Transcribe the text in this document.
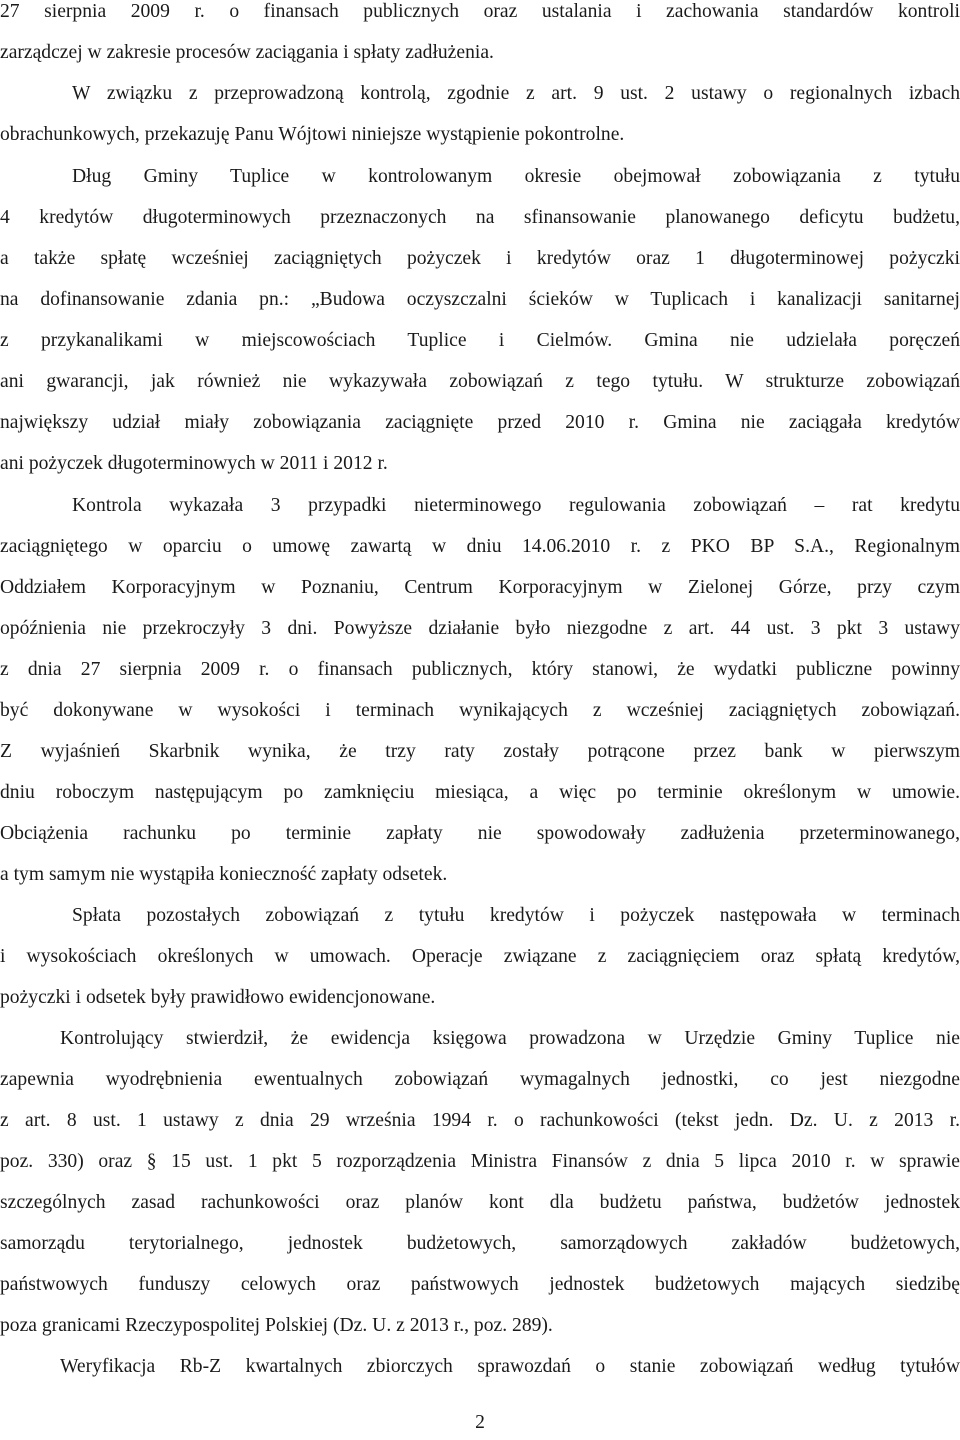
27 sierpnia 2009 r. o finansach publicznych oraz ustalania i zachowania standardów kontroli
zarządczej w zakresie procesów zaciągania i spłaty zadłużenia.
W związku z przeprowadzoną kontrolą, zgodnie z art. 9 ust. 2 ustawy o regionalnych izbach
obrachunkowych, przekazuję Panu Wójtowi niniejsze wystąpienie pokontrolne.
Dług Gminy Tuplice w kontrolowanym okresie obejmował zobowiązania z tytułu
4 kredytów długoterminowych przeznaczonych na sfinansowanie planowanego deficytu budżetu,
a także spłatę wcześniej zaciągniętych pożyczek i kredytów oraz 1 długoterminowej pożyczki
na dofinansowanie zdania pn.: „Budowa oczyszczalni ścieków w Tuplicach i kanalizacji sanitarnej
z przykanalikami w miejscowościach Tuplice i Cielmów. Gmina nie udzielała poręczeń
ani gwarancji, jak również nie wykazywała zobowiązań z tego tytułu. W strukturze zobowiązań
największy udział miały zobowiązania zaciągnięte przed 2010 r. Gmina nie zaciągała kredytów
ani pożyczek długoterminowych w 2011 i 2012 r.
Kontrola wykazała 3 przypadki nieterminowego regulowania zobowiązań – rat kredytu
zaciągniętego w oparciu o umowę zawartą w dniu 14.06.2010 r. z PKO BP S.A., Regionalnym
Oddziałem Korporacyjnym w Poznaniu, Centrum Korporacyjnym w Zielonej Górze, przy czym
opóźnienia nie przekroczyły 3 dni. Powyższe działanie było niezgodne z art. 44 ust. 3 pkt 3 ustawy
z dnia 27 sierpnia 2009 r. o finansach publicznych, który stanowi, że wydatki publiczne powinny
być dokonywane w wysokości i terminach wynikających z wcześniej zaciągniętych zobowiązań.
Z wyjaśnień Skarbnik wynika, że trzy raty zostały potrącone przez bank w pierwszym
dniu roboczym następującym po zamknięciu miesiąca, a więc po terminie określonym w umowie.
Obciążenia rachunku po terminie zapłaty nie spowodowały zadłużenia przeterminowanego,
a tym samym nie wystąpiła konieczność zapłaty odsetek.
Spłata pozostałych zobowiązań z tytułu kredytów i pożyczek następowała w terminach
i wysokościach określonych w umowach. Operacje związane z zaciągnięciem oraz spłatą kredytów,
pożyczki i odsetek były prawidłowo ewidencjonowane.
Kontrolujący stwierdził, że ewidencja księgowa prowadzona w Urzędzie Gminy Tuplice nie
zapewnia wyodrębnienia ewentualnych zobowiązań wymagalnych jednostki, co jest niezgodne
z art. 8 ust. 1 ustawy z dnia 29 września 1994 r. o rachunkowości (tekst jedn. Dz. U. z 2013 r.
poz. 330) oraz § 15 ust. 1 pkt 5 rozporządzenia Ministra Finansów z dnia 5 lipca 2010 r. w sprawie
szczególnych zasad rachunkowości oraz planów kont dla budżetu państwa, budżetów jednostek
samorządu terytorialnego, jednostek budżetowych, samorządowych zakładów budżetowych,
państwowych funduszy celowych oraz państwowych jednostek budżetowych mających siedzibę
poza granicami Rzeczypospolitej Polskiej (Dz. U. z 2013 r., poz. 289).
Weryfikacja Rb-Z kwartalnych zbiorczych sprawozdań o stanie zobowiązań według tytułów
2
